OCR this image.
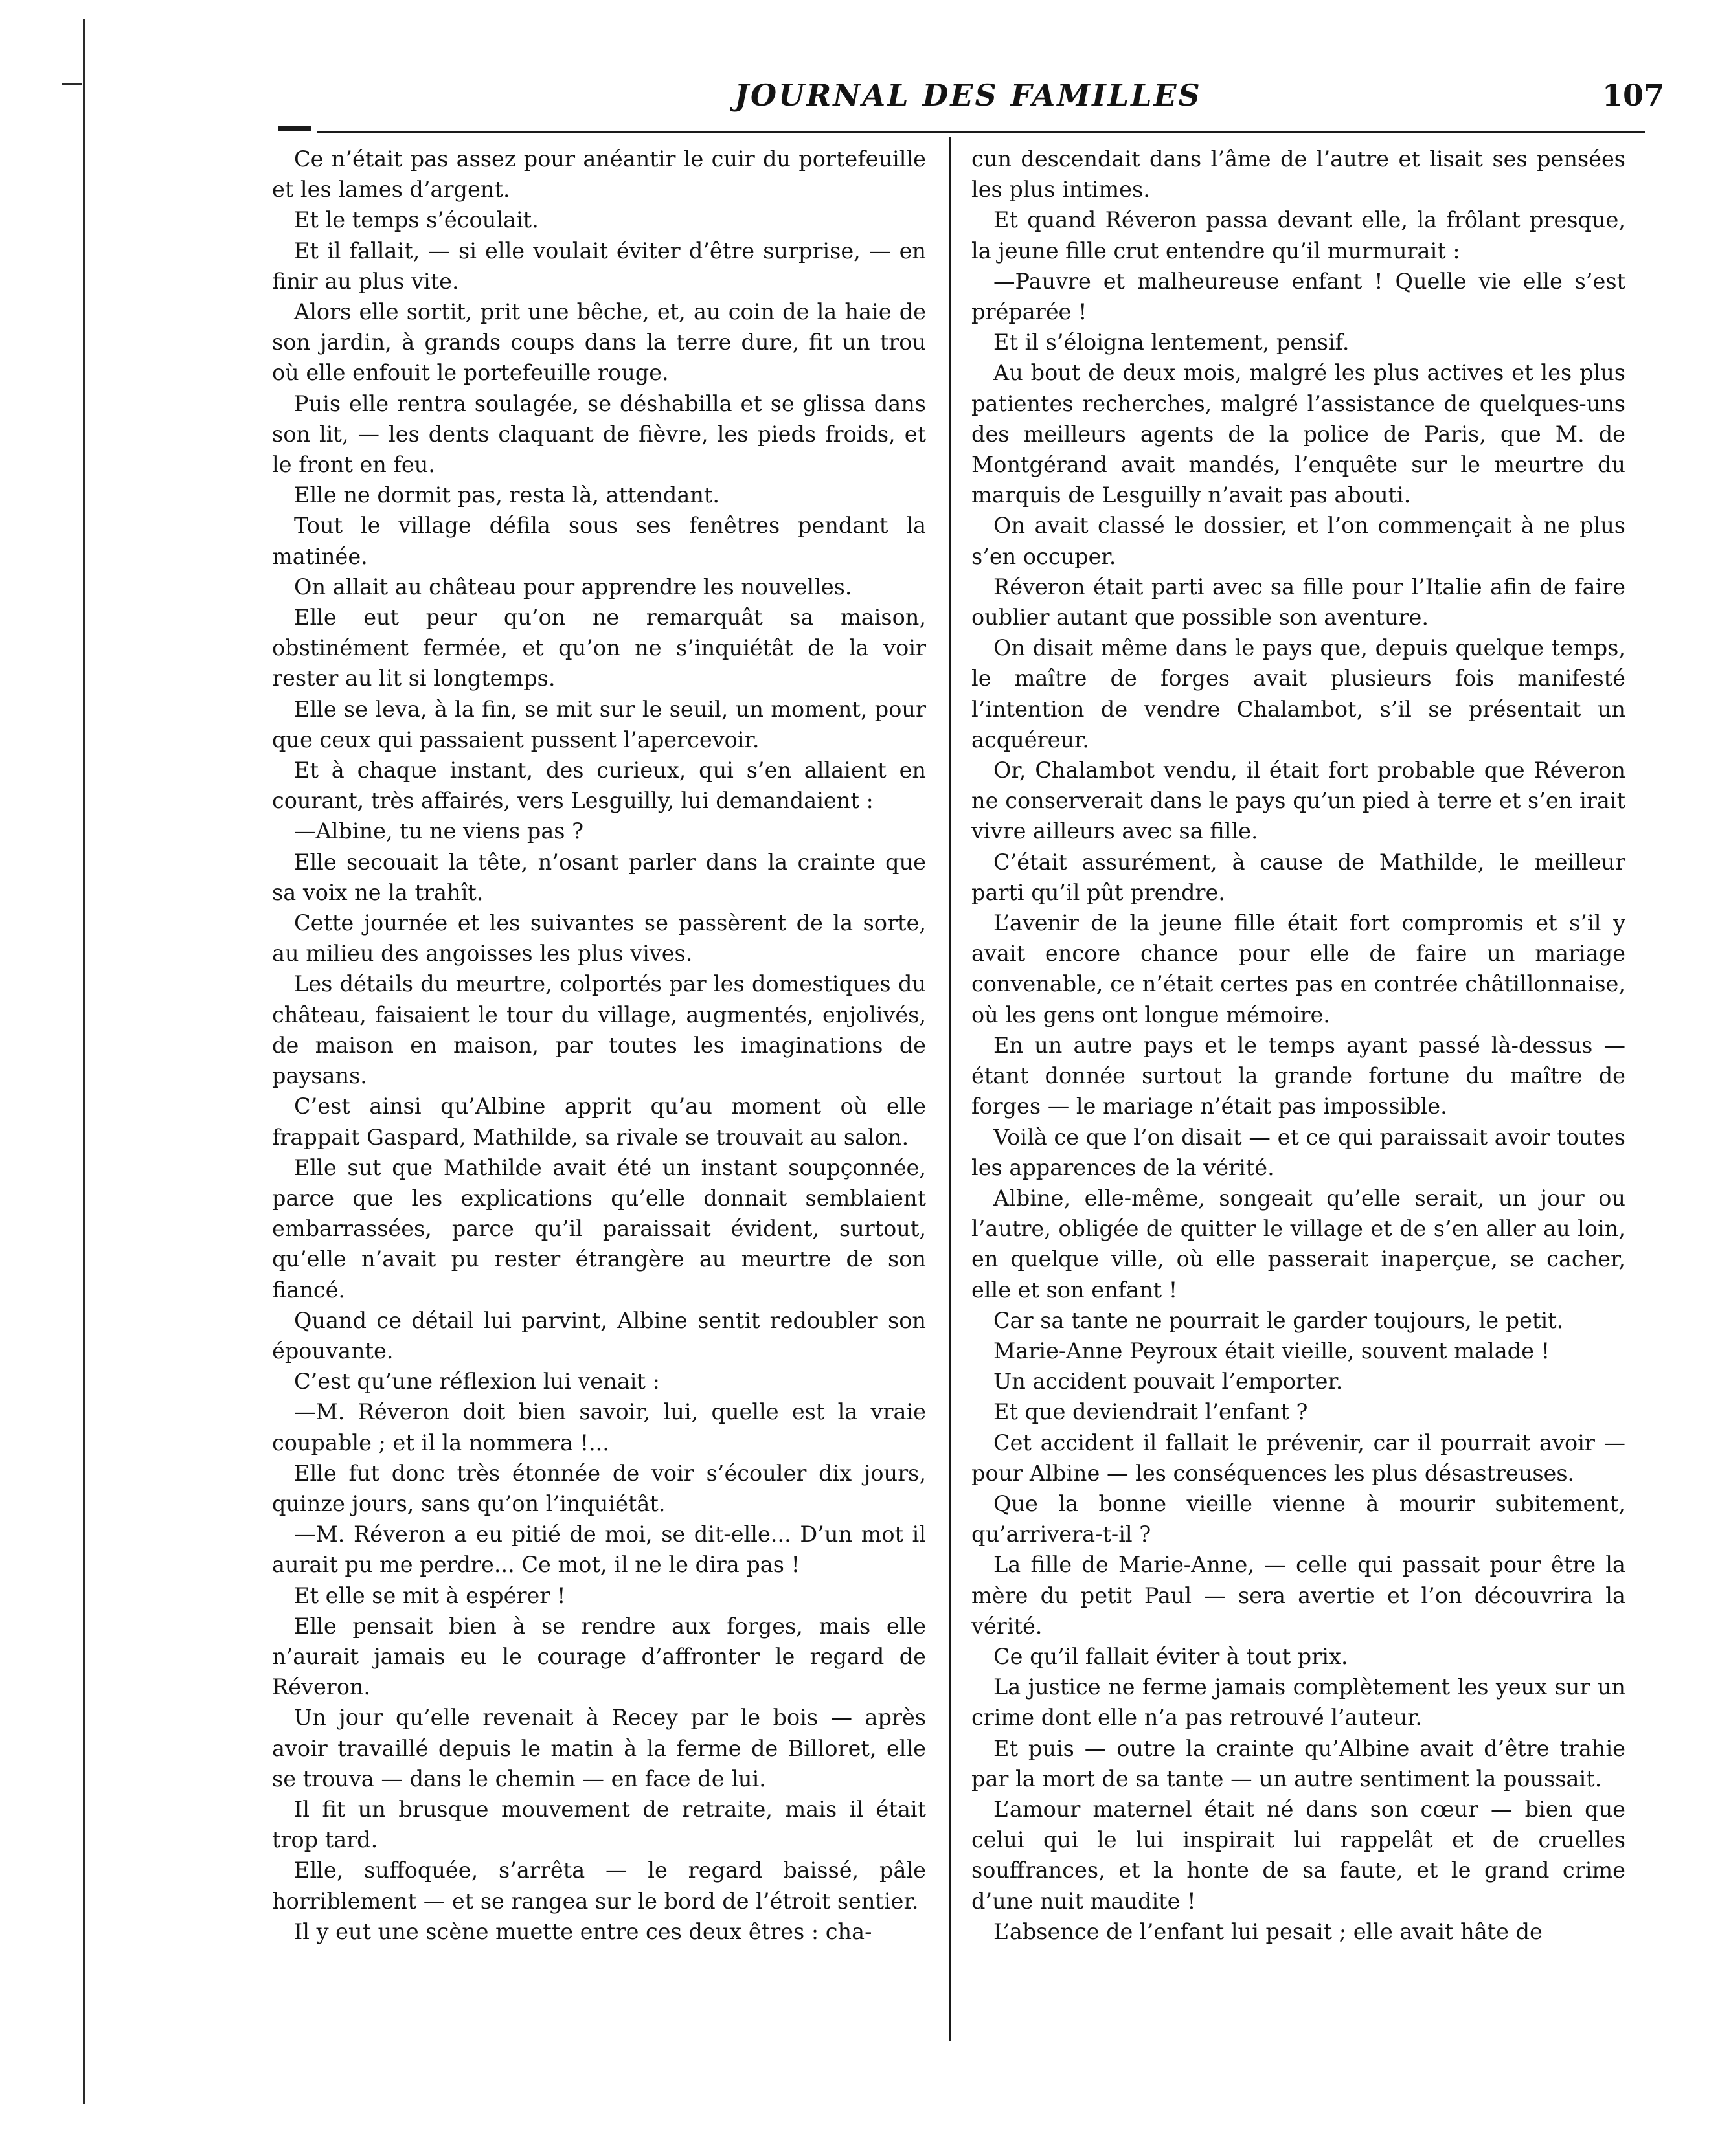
JOURNAL DES FAMILLES	107

Ce n’était pas assez pour anéantir le cuir du portefeuille et les lames d’argent.

Et le temps s’écoulait.

Et il fallait, — si elle voulait éviter d’être surprise, — en finir au plus vite.

Alors elle sortit, prit une bêche, et, au coin de la haie de son jardin, à grands coups dans la terre dure, fit un trou où elle enfouit le portefeuille rouge.

Puis elle rentra soulagée, se déshabilla et se glissa dans son lit, — les dents claquant de fièvre, les pieds froids, et le front en feu.

Elle ne dormit pas, resta là, attendant.

Tout le village défila sous ses fenêtres pendant la matinée.

On allait au château pour apprendre les nouvelles.

Elle eut peur qu’on ne remarquât sa maison, obstinément fermée, et qu’on ne s’inquiétât de la voir rester au lit si longtemps.

Elle se leva, à la fin, se mit sur le seuil, un moment, pour que ceux qui passaient pussent l’apercevoir.

Et à chaque instant, des curieux, qui s’en allaient en courant, très affairés, vers Lesguilly, lui demandaient :

—Albine, tu ne viens pas ?

Elle secouait la tête, n’osant parler dans la crainte que sa voix ne la trahît.

Cette journée et les suivantes se passèrent de la sorte, au milieu des angoisses les plus vives.

Les détails du meurtre, colportés par les domestiques du château, faisaient le tour du village, augmentés, enjolivés, de maison en maison, par toutes les imaginations de paysans.

C’est ainsi qu’Albine apprit qu’au moment où elle frappait Gaspard, Mathilde, sa rivale se trouvait au salon.

Elle sut que Mathilde avait été un instant soupçonnée, parce que les explications qu’elle donnait semblaient embarrassées, parce qu’il paraissait évident, surtout, qu’elle n’avait pu rester étrangère au meurtre de son fiancé.

Quand ce détail lui parvint, Albine sentit redoubler son épouvante.

C’est qu’une réflexion lui venait :

—M. Réveron doit bien savoir, lui, quelle est la vraie coupable ; et il la nommera !...

Elle fut donc très étonnée de voir s’écouler dix jours, quinze jours, sans qu’on l’inquiétât.

—M. Réveron a eu pitié de moi, se dit-elle... D’un mot il aurait pu me perdre... Ce mot, il ne le dira pas !

Et elle se mit à espérer !

Elle pensait bien à se rendre aux forges, mais elle n’aurait jamais eu le courage d’affronter le regard de Réveron.

Un jour qu’elle revenait à Recey par le bois — après avoir travaillé depuis le matin à la ferme de Billoret, elle se trouva — dans le chemin — en face de lui.

Il fit un brusque mouvement de retraite, mais il était trop tard.

Elle, suffoquée, s’arrêta — le regard baissé, pâle horriblement — et se rangea sur le bord de l’étroit sentier.

Il y eut une scène muette entre ces deux êtres : cha-

cun descendait dans l’âme de l’autre et lisait ses pensées les plus intimes.

Et quand Réveron passa devant elle, la frôlant presque, la jeune fille crut entendre qu’il murmurait :

—Pauvre et malheureuse enfant ! Quelle vie elle s’est préparée !

Et il s’éloigna lentement, pensif.

Au bout de deux mois, malgré les plus actives et les plus patientes recherches, malgré l’assistance de quelques-uns des meilleurs agents de la police de Paris, que M. de Montgérand avait mandés, l’enquête sur le meurtre du marquis de Lesguilly n’avait pas abouti.

On avait classé le dossier, et l’on commençait à ne plus s’en occuper.

Réveron était parti avec sa fille pour l’Italie afin de faire oublier autant que possible son aventure.

On disait même dans le pays que, depuis quelque temps, le maître de forges avait plusieurs fois manifesté l’intention de vendre Chalambot, s’il se présentait un acquéreur.

Or, Chalambot vendu, il était fort probable que Réveron ne conserverait dans le pays qu’un pied à terre et s’en irait vivre ailleurs avec sa fille.

C’était assurément, à cause de Mathilde, le meilleur parti qu’il pût prendre.

L’avenir de la jeune fille était fort compromis et s’il y avait encore chance pour elle de faire un mariage convenable, ce n’était certes pas en contrée châtillonnaise, où les gens ont longue mémoire.

En un autre pays et le temps ayant passé là-dessus — étant donnée surtout la grande fortune du maître de forges — le mariage n’était pas impossible.

Voilà ce que l’on disait — et ce qui paraissait avoir toutes les apparences de la vérité.

Albine, elle-même, songeait qu’elle serait, un jour ou l’autre, obligée de quitter le village et de s’en aller au loin, en quelque ville, où elle passerait inaperçue, se cacher, elle et son enfant !

Car sa tante ne pourrait le garder toujours, le petit.

Marie-Anne Peyroux était vieille, souvent malade !

Un accident pouvait l’emporter.

Et que deviendrait l’enfant ?

Cet accident il fallait le prévenir, car il pourrait avoir — pour Albine — les conséquences les plus désastreuses.

Que la bonne vieille vienne à mourir subitement, qu’arrivera-t-il ?

La fille de Marie-Anne, — celle qui passait pour être la mère du petit Paul — sera avertie et l’on découvrira la vérité.

Ce qu’il fallait éviter à tout prix.

La justice ne ferme jamais complètement les yeux sur un crime dont elle n’a pas retrouvé l’auteur.

Et puis — outre la crainte qu’Albine avait d’être trahie par la mort de sa tante — un autre sentiment la poussait.

L’amour maternel était né dans son cœur — bien que celui qui le lui inspirait lui rappelât et de cruelles souffrances, et la honte de sa faute, et le grand crime d’une nuit maudite !

L’absence de l’enfant lui pesait ; elle avait hâte de
